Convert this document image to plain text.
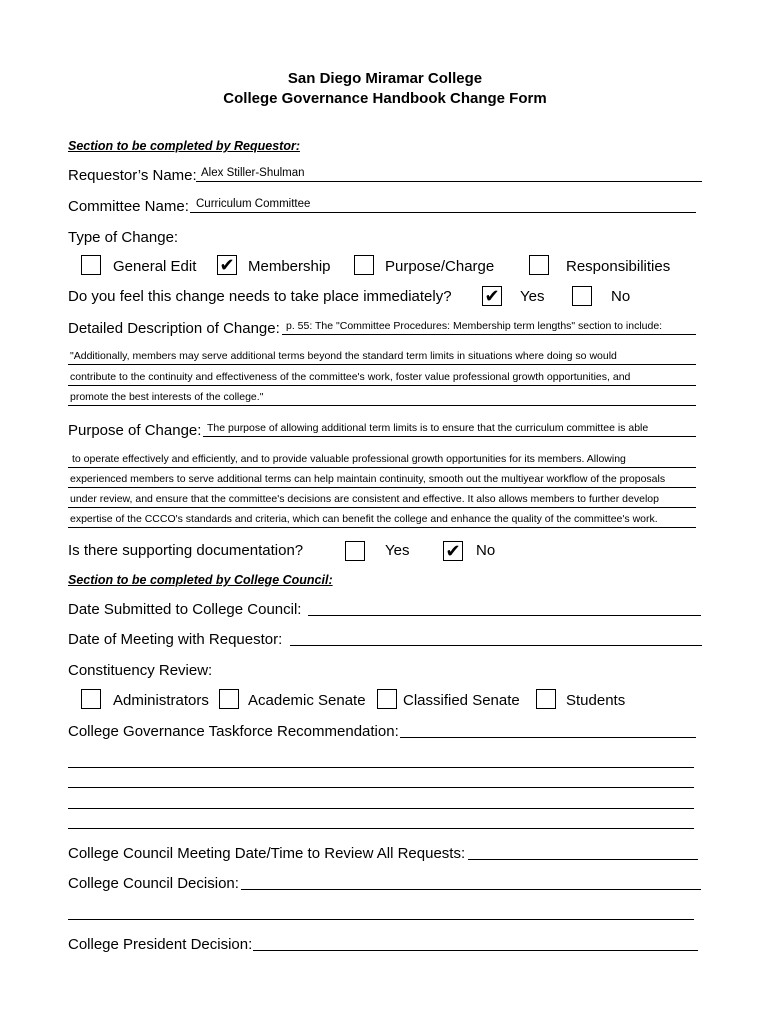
San Diego Miramar College
College Governance Handbook Change Form
Section to be completed by Requestor:
Requestor’s Name: Alex Stiller-Shulman
Committee Name: Curriculum Committee
Type of Change:
General Edit ✔	Membership	Purpose/Charge	Responsibilities
Do you feel this change needs to take place immediately? ✔	Yes	No
Detailed Description of Change: p. 55: The "Committee Procedures: Membership term lengths" section to include:
"Additionally, members may serve additional terms beyond the standard term limits in situations where doing so would
contribute to the continuity and effectiveness of the committee's work, foster value professional growth opportunities, and
promote the best interests of the college."
Purpose of Change: The purpose of allowing additional term limits is to ensure that the curriculum committee is able
to operate effectively and efficiently, and to provide valuable professional growth opportunities for its members. Allowing
experienced members to serve additional terms can help maintain continuity, smooth out the multiyear workflow of the proposals
under review, and ensure that the committee's decisions are consistent and effective. It also allows members to further develop
expertise of the CCCO's standards and criteria, which can benefit the college and enhance the quality of the committee's work.
Is there supporting documentation?	Yes ✔	No
Section to be completed by College Council:
Date Submitted to College Council:
Date of Meeting with Requestor:
Constituency Review:
Administrators	Academic Senate Classified Senate	Students
College Governance Taskforce Recommendation:
College Council Meeting Date/Time to Review All Requests:
College Council Decision:
College President Decision:
